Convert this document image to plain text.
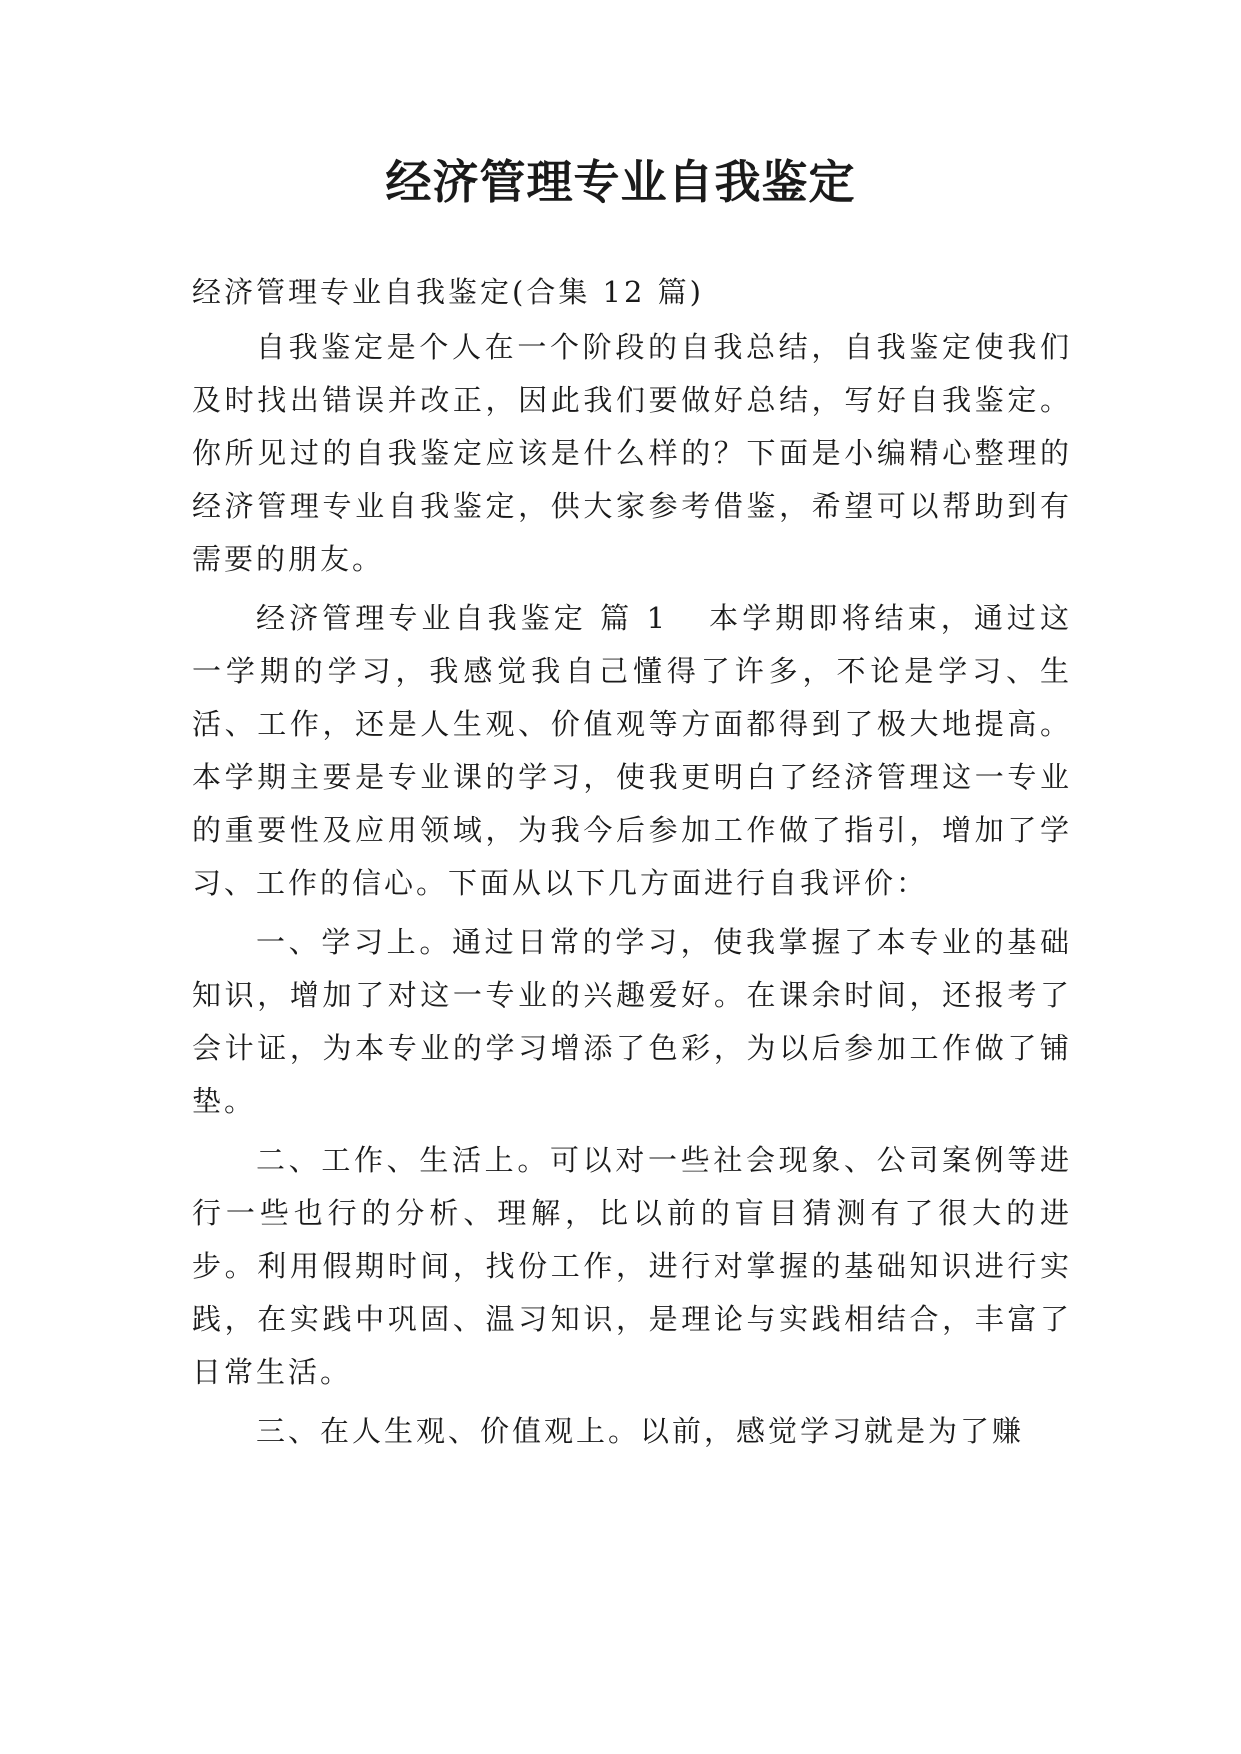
经济管理专业自我鉴定

经济管理专业自我鉴定(合集 12 篇)

自我鉴定是个人在一个阶段的自我总结，自我鉴定使我们及时找出错误并改正，因此我们要做好总结，写好自我鉴定。你所见过的自我鉴定应该是什么样的？下面是小编精心整理的经济管理专业自我鉴定，供大家参考借鉴，希望可以帮助到有需要的朋友。

经济管理专业自我鉴定 篇 1 本学期即将结束，通过这一学期的学习，我感觉我自己懂得了许多，不论是学习、生活、工作，还是人生观、价值观等方面都得到了极大地提高。本学期主要是专业课的学习，使我更明白了经济管理这一专业的重要性及应用领域，为我今后参加工作做了指引，增加了学习、工作的信心。下面从以下几方面进行自我评价：

一、学习上。通过日常的学习，使我掌握了本专业的基础知识，增加了对这一专业的兴趣爱好。在课余时间，还报考了会计证，为本专业的学习增添了色彩，为以后参加工作做了铺垫。

二、工作、生活上。可以对一些社会现象、公司案例等进行一些也行的分析、理解，比以前的盲目猜测有了很大的进步。利用假期时间，找份工作，进行对掌握的基础知识进行实践，在实践中巩固、温习知识，是理论与实践相结合，丰富了日常生活。

三、在人生观、价值观上。以前，感觉学习就是为了赚
